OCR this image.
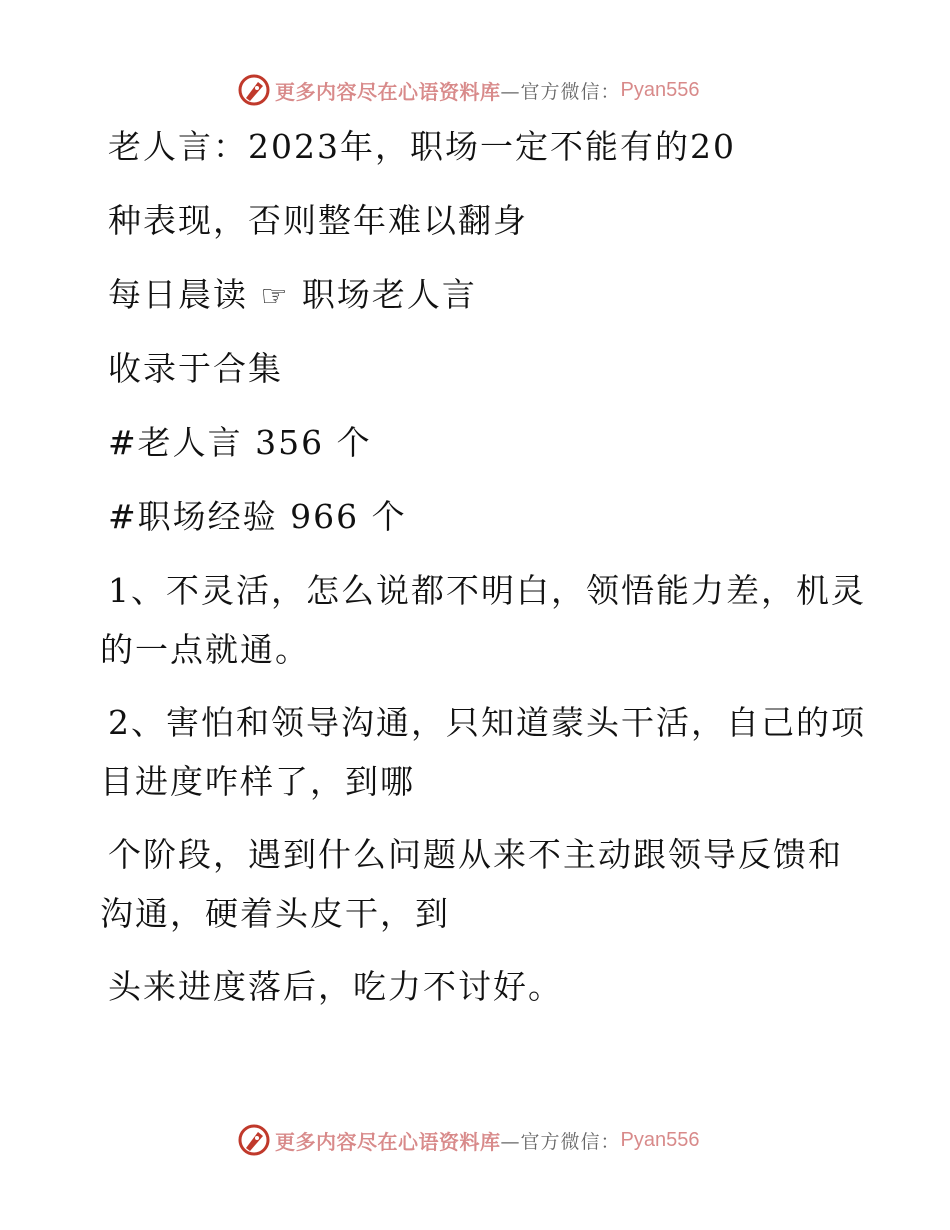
更多内容尽在心语资料库 —官方微信： Pyan556
老人言：2023年，职场一定不能有的20
种表现，否则整年难以翻身
每日晨读 ☞ 职场老人言
收录于合集
#老人言 356 个
#职场经验 966 个
1、不灵活，怎么说都不明白，领悟能力差，机灵
的一点就通。
2、害怕和领导沟通，只知道蒙头干活，自己的项
目进度咋样了，到哪
个阶段，遇到什么问题从来不主动跟领导反馈和
沟通，硬着头皮干，到
头来进度落后，吃力不讨好。
更多内容尽在心语资料库 —官方微信： Pyan556
